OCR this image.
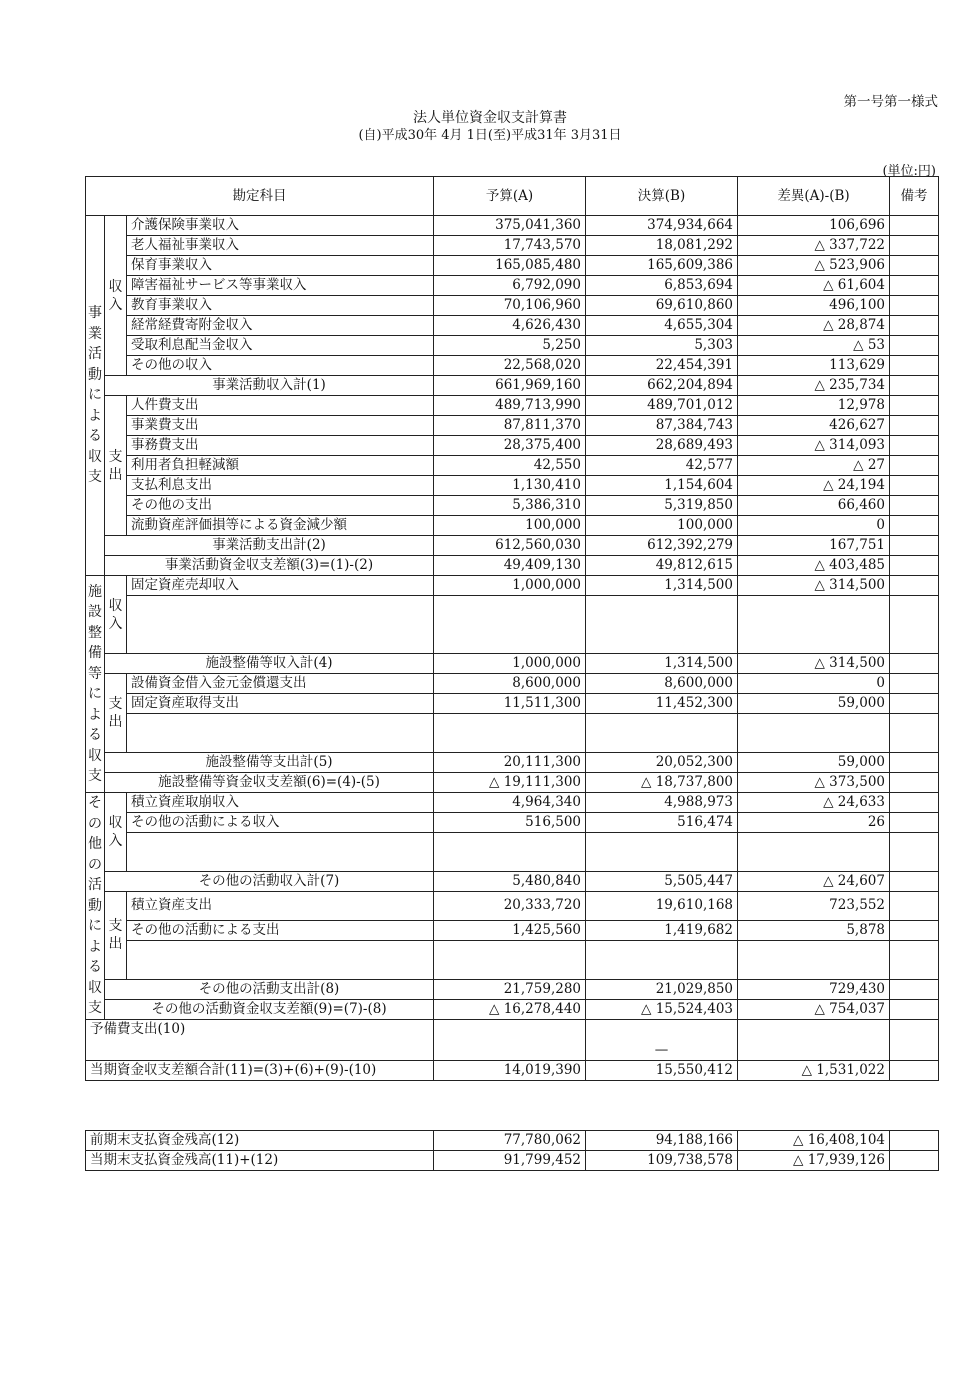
第一号第一様式
法人単位資金収支計算書
(自)平成30年 4月 1日(至)平成31年 3月31日
(単位:円)
勘定科目			予算(A)	決算(B)	差異(A)-(B)	備考
事業活動による収支	収入	介護保険事業収入	375,041,360	374,934,664	106,696	
		老人福祉事業収入	17,743,570	18,081,292	△ 337,722	
		保育事業収入	165,085,480	165,609,386	△ 523,906	
		障害福祉サービス等事業収入	6,792,090	6,853,694	△ 61,604	
		教育事業収入	70,106,960	69,610,860	496,100	
		経常経費寄附金収入	4,626,430	4,655,304	△ 28,874	
		受取利息配当金収入	5,250	5,303	△ 53	
		その他の収入	22,568,020	22,454,391	113,629	
	事業活動収入計(1)		661,969,160	662,204,894	△ 235,734	
	支出	人件費支出	489,713,990	489,701,012	12,978	
		事業費支出	87,811,370	87,384,743	426,627	
		事務費支出	28,375,400	28,689,493	△ 314,093	
		利用者負担軽減額	42,550	42,577	△ 27	
		支払利息支出	1,130,410	1,154,604	△ 24,194	
		その他の支出	5,386,310	5,319,850	66,460	
		流動資産評価損等による資金減少額	100,000	100,000	0	
	事業活動支出計(2)		612,560,030	612,392,279	167,751	
	事業活動資金収支差額(3)=(1)-(2)		49,409,130	49,812,615	△ 403,485	
施設整備等による収支	収入	固定資産売却収入	1,000,000	1,314,500	△ 314,500	

	施設整備等収入計(4)		1,000,000	1,314,500	△ 314,500	
	支出	設備資金借入金元金償還支出	8,600,000	8,600,000	0	
		固定資産取得支出	11,511,300	11,452,300	59,000	

	施設整備等支出計(5)		20,111,300	20,052,300	59,000	
	施設整備等資金収支差額(6)=(4)-(5)		△ 19,111,300	△ 18,737,800	△ 373,500	
その他の活動による収支	収入	積立資産取崩収入	4,964,340	4,988,973	△ 24,633	
		その他の活動による収入	516,500	516,474	26	

	その他の活動収入計(7)		5,480,840	5,505,447	△ 24,607	
	支出	積立資産支出	20,333,720	19,610,168	723,552	
		その他の活動による支出	1,425,560	1,419,682	5,878	

	その他の活動支出計(8)		21,759,280	21,029,850	729,430	
	その他の活動資金収支差額(9)=(7)-(8)		△ 16,278,440	△ 15,524,403	△ 754,037	
予備費支出(10)				—		
当期資金収支差額合計(11)=(3)+(6)+(9)-(10)			14,019,390	15,550,412	△ 1,531,022	
前期末支払資金残高(12)	77,780,062	94,188,166	△ 16,408,104	
当期末支払資金残高(11)+(12)	91,799,452	109,738,578	△ 17,939,126	
